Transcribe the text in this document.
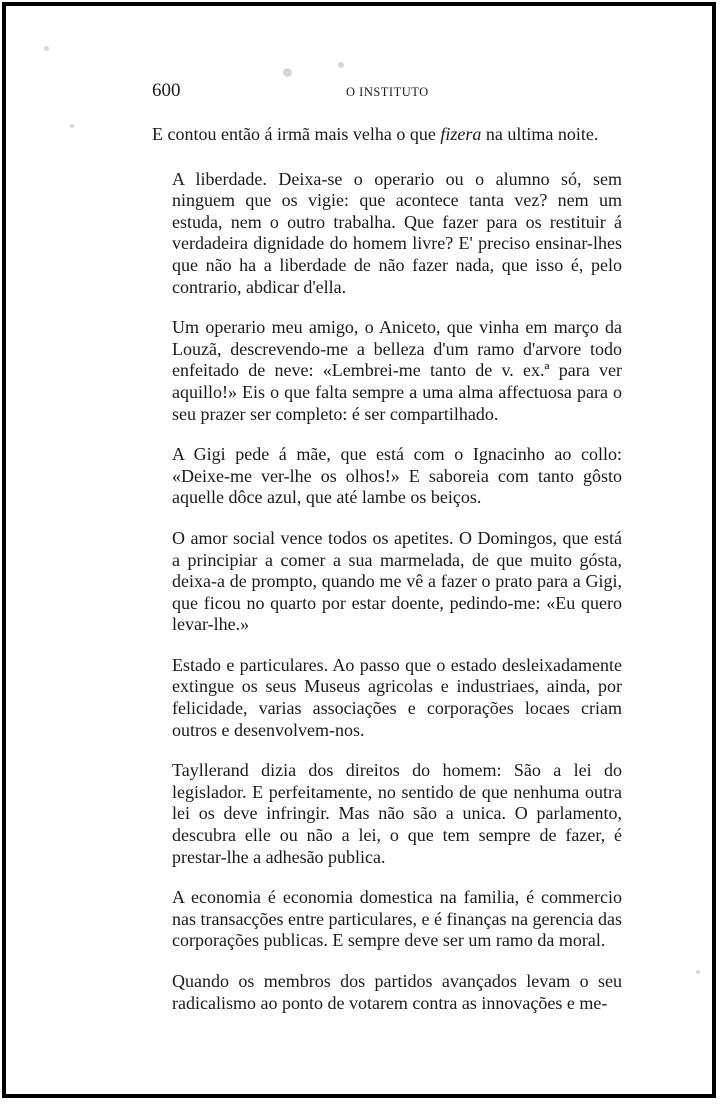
600	O INSTITUTO

E contou então á irmã mais velha o que fizera na ultima noite.

A liberdade. Deixa-se o operario ou o alumno só, sem ninguem que os vigie: que acontece tanta vez? nem um estuda, nem o outro trabalha. Que fazer para os restituir á verdadeira dignidade do homem livre? E' preciso ensinar-lhes que não ha a liberdade de não fazer nada, que isso é, pelo contrario, abdicar d'ella.

Um operario meu amigo, o Aniceto, que vinha em março da Louzã, descrevendo-me a belleza d'um ramo d'arvore todo enfeitado de neve: «Lembrei-me tanto de v. ex.ª para ver aquillo!» Eis o que falta sempre a uma alma affectuosa para o seu prazer ser completo: é ser compartilhado.

A Gigi pede á mãe, que está com o Ignacinho ao collo: «Deixe-me ver-lhe os olhos!» E saboreia com tanto gôsto aquelle dôce azul, que até lambe os beiços.

O amor social vence todos os apetites. O Domingos, que está a principiar a comer a sua marmelada, de que muito gósta, deixa-a de prompto, quando me vê a fazer o prato para a Gigi, que ficou no quarto por estar doente, pedindo-me: «Eu quero levar-lhe.»

Estado e particulares. Ao passo que o estado desleixadamente extingue os seus Museus agricolas e industriaes, ainda, por felicidade, varias associações e corporações locaes criam outros e desenvolvem-nos.

Tayllerand dizia dos direitos do homem: São a lei do legislador. E perfeitamente, no sentido de que nenhuma outra lei os deve infringir. Mas não são a unica. O parlamento, descubra elle ou não a lei, o que tem sempre de fazer, é prestar-lhe a adhesão publica.

A economia é economia domestica na familia, é commercio nas transacções entre particulares, e é finanças na gerencia das corporações publicas. E sempre deve ser um ramo da moral.

Quando os membros dos partidos avançados levam o seu radicalismo ao ponto de votarem contra as innovações e me-
